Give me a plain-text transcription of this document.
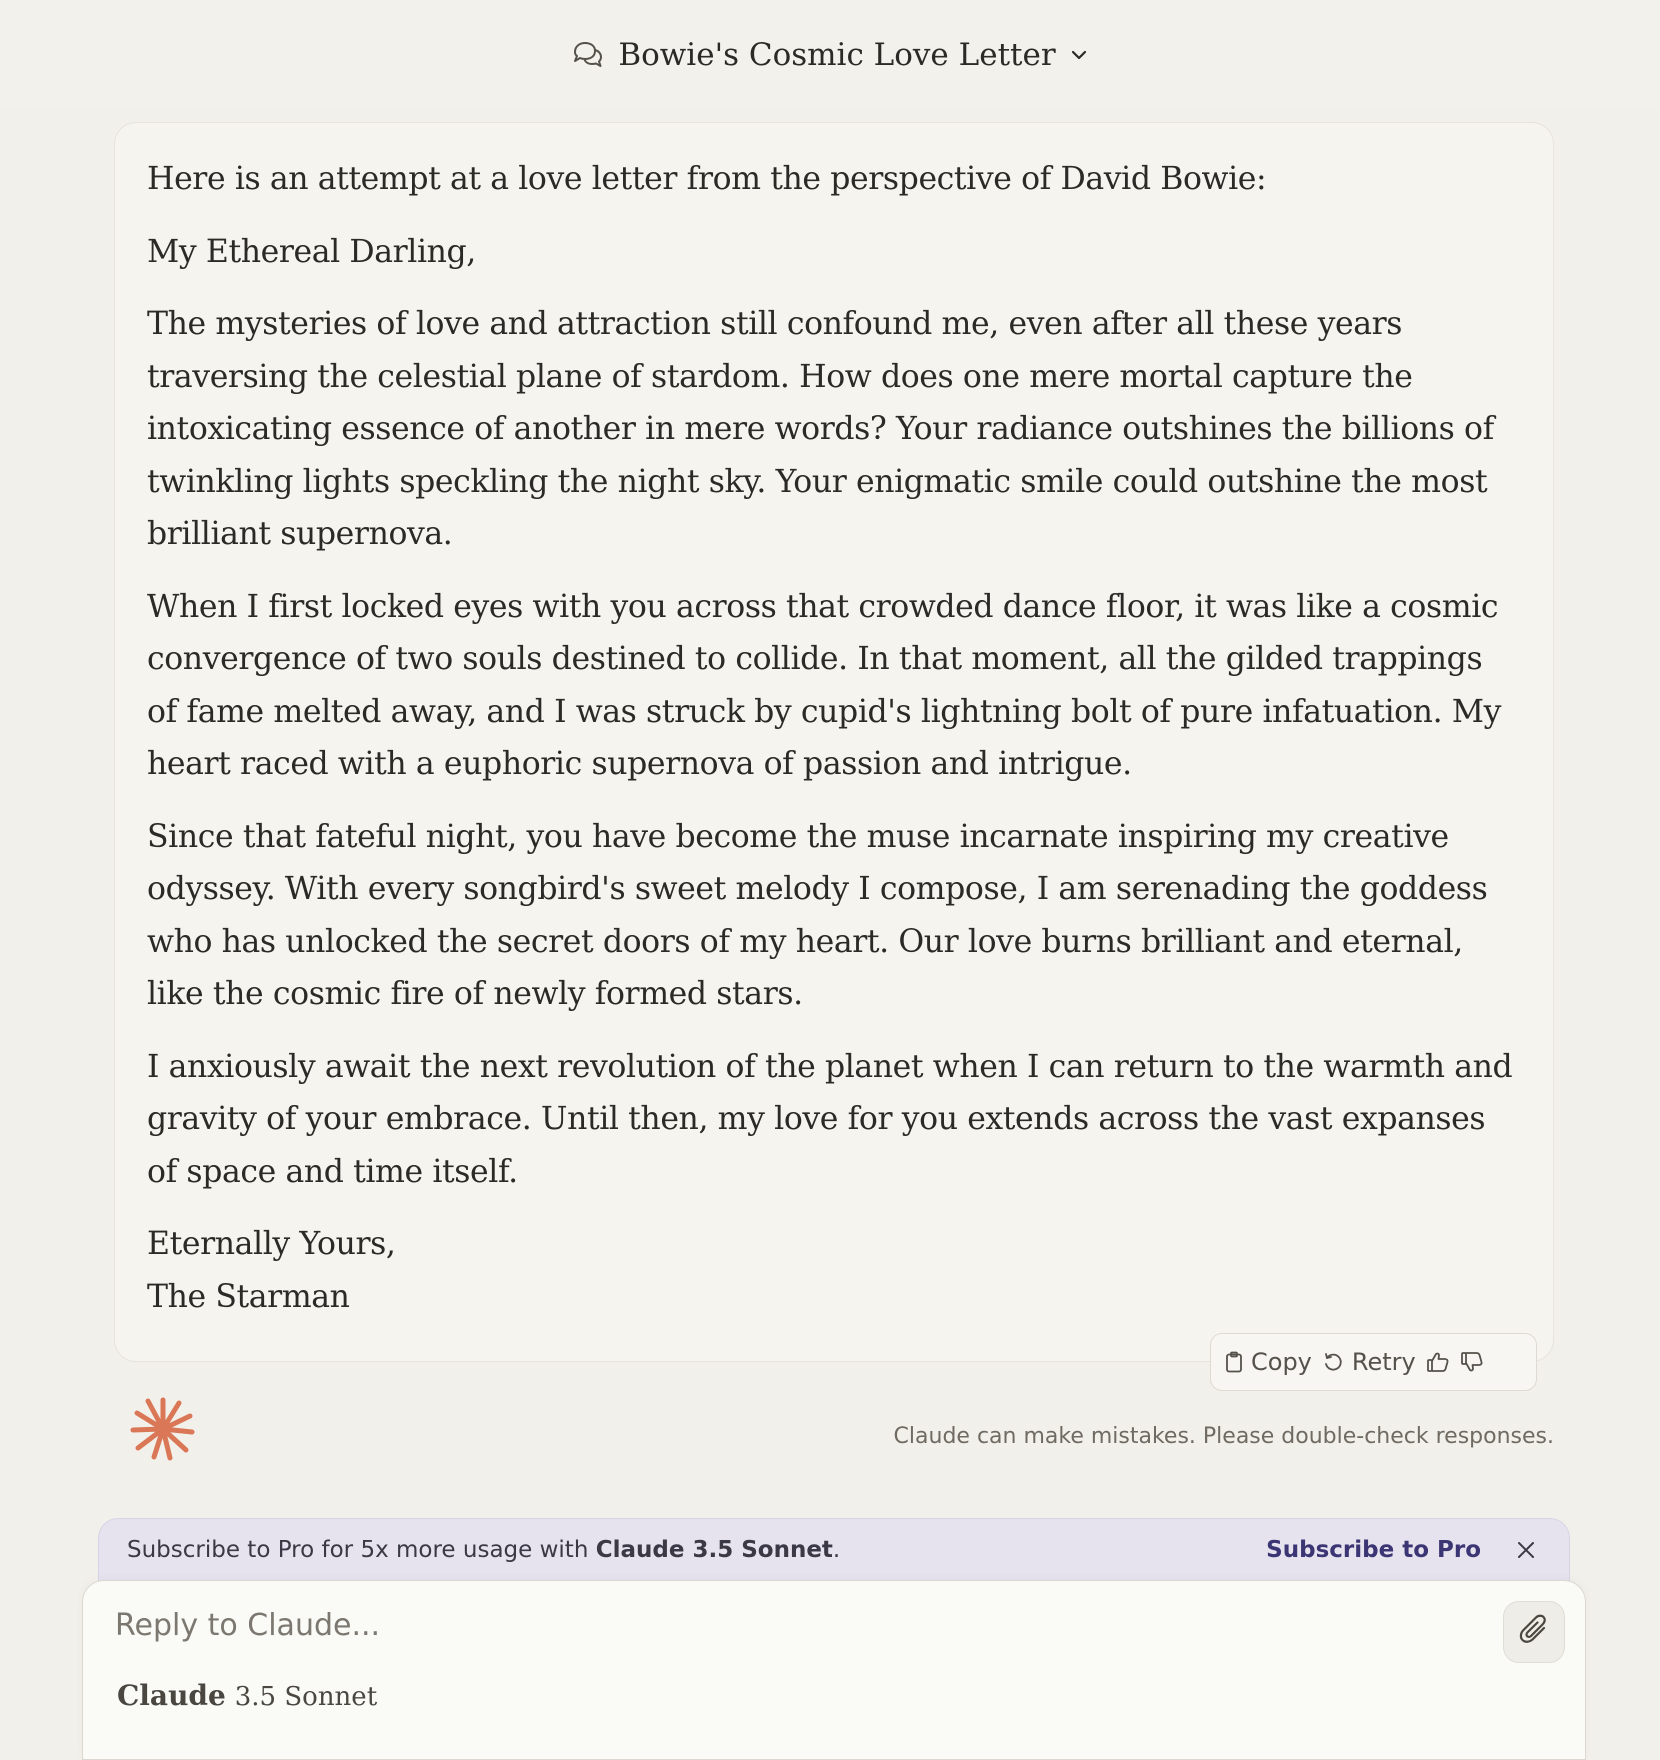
Bowie's Cosmic Love Letter

Here is an attempt at a love letter from the perspective of David Bowie:

My Ethereal Darling,

The mysteries of love and attraction still confound me, even after all these years traversing the celestial plane of stardom. How does one mere mortal capture the intoxicating essence of another in mere words? Your radiance outshines the billions of twinkling lights speckling the night sky. Your enigmatic smile could outshine the most brilliant supernova.

When I first locked eyes with you across that crowded dance floor, it was like a cosmic convergence of two souls destined to collide. In that moment, all the gilded trappings of fame melted away, and I was struck by cupid's lightning bolt of pure infatuation. My heart raced with a euphoric supernova of passion and intrigue.

Since that fateful night, you have become the muse incarnate inspiring my creative odyssey. With every songbird's sweet melody I compose, I am serenading the goddess who has unlocked the secret doors of my heart. Our love burns brilliant and eternal, like the cosmic fire of newly formed stars.

I anxiously await the next revolution of the planet when I can return to the warmth and gravity of your embrace. Until then, my love for you extends across the vast expanses of space and time itself.

Eternally Yours,

The Starman

Copy Retry
Claude can make mistakes. Please double-check responses.
Subscribe to Pro for 5x more usage with Claude 3.5 Sonnet.	Subscribe to Pro
Reply to Claude...
Claude 3.5 Sonnet
